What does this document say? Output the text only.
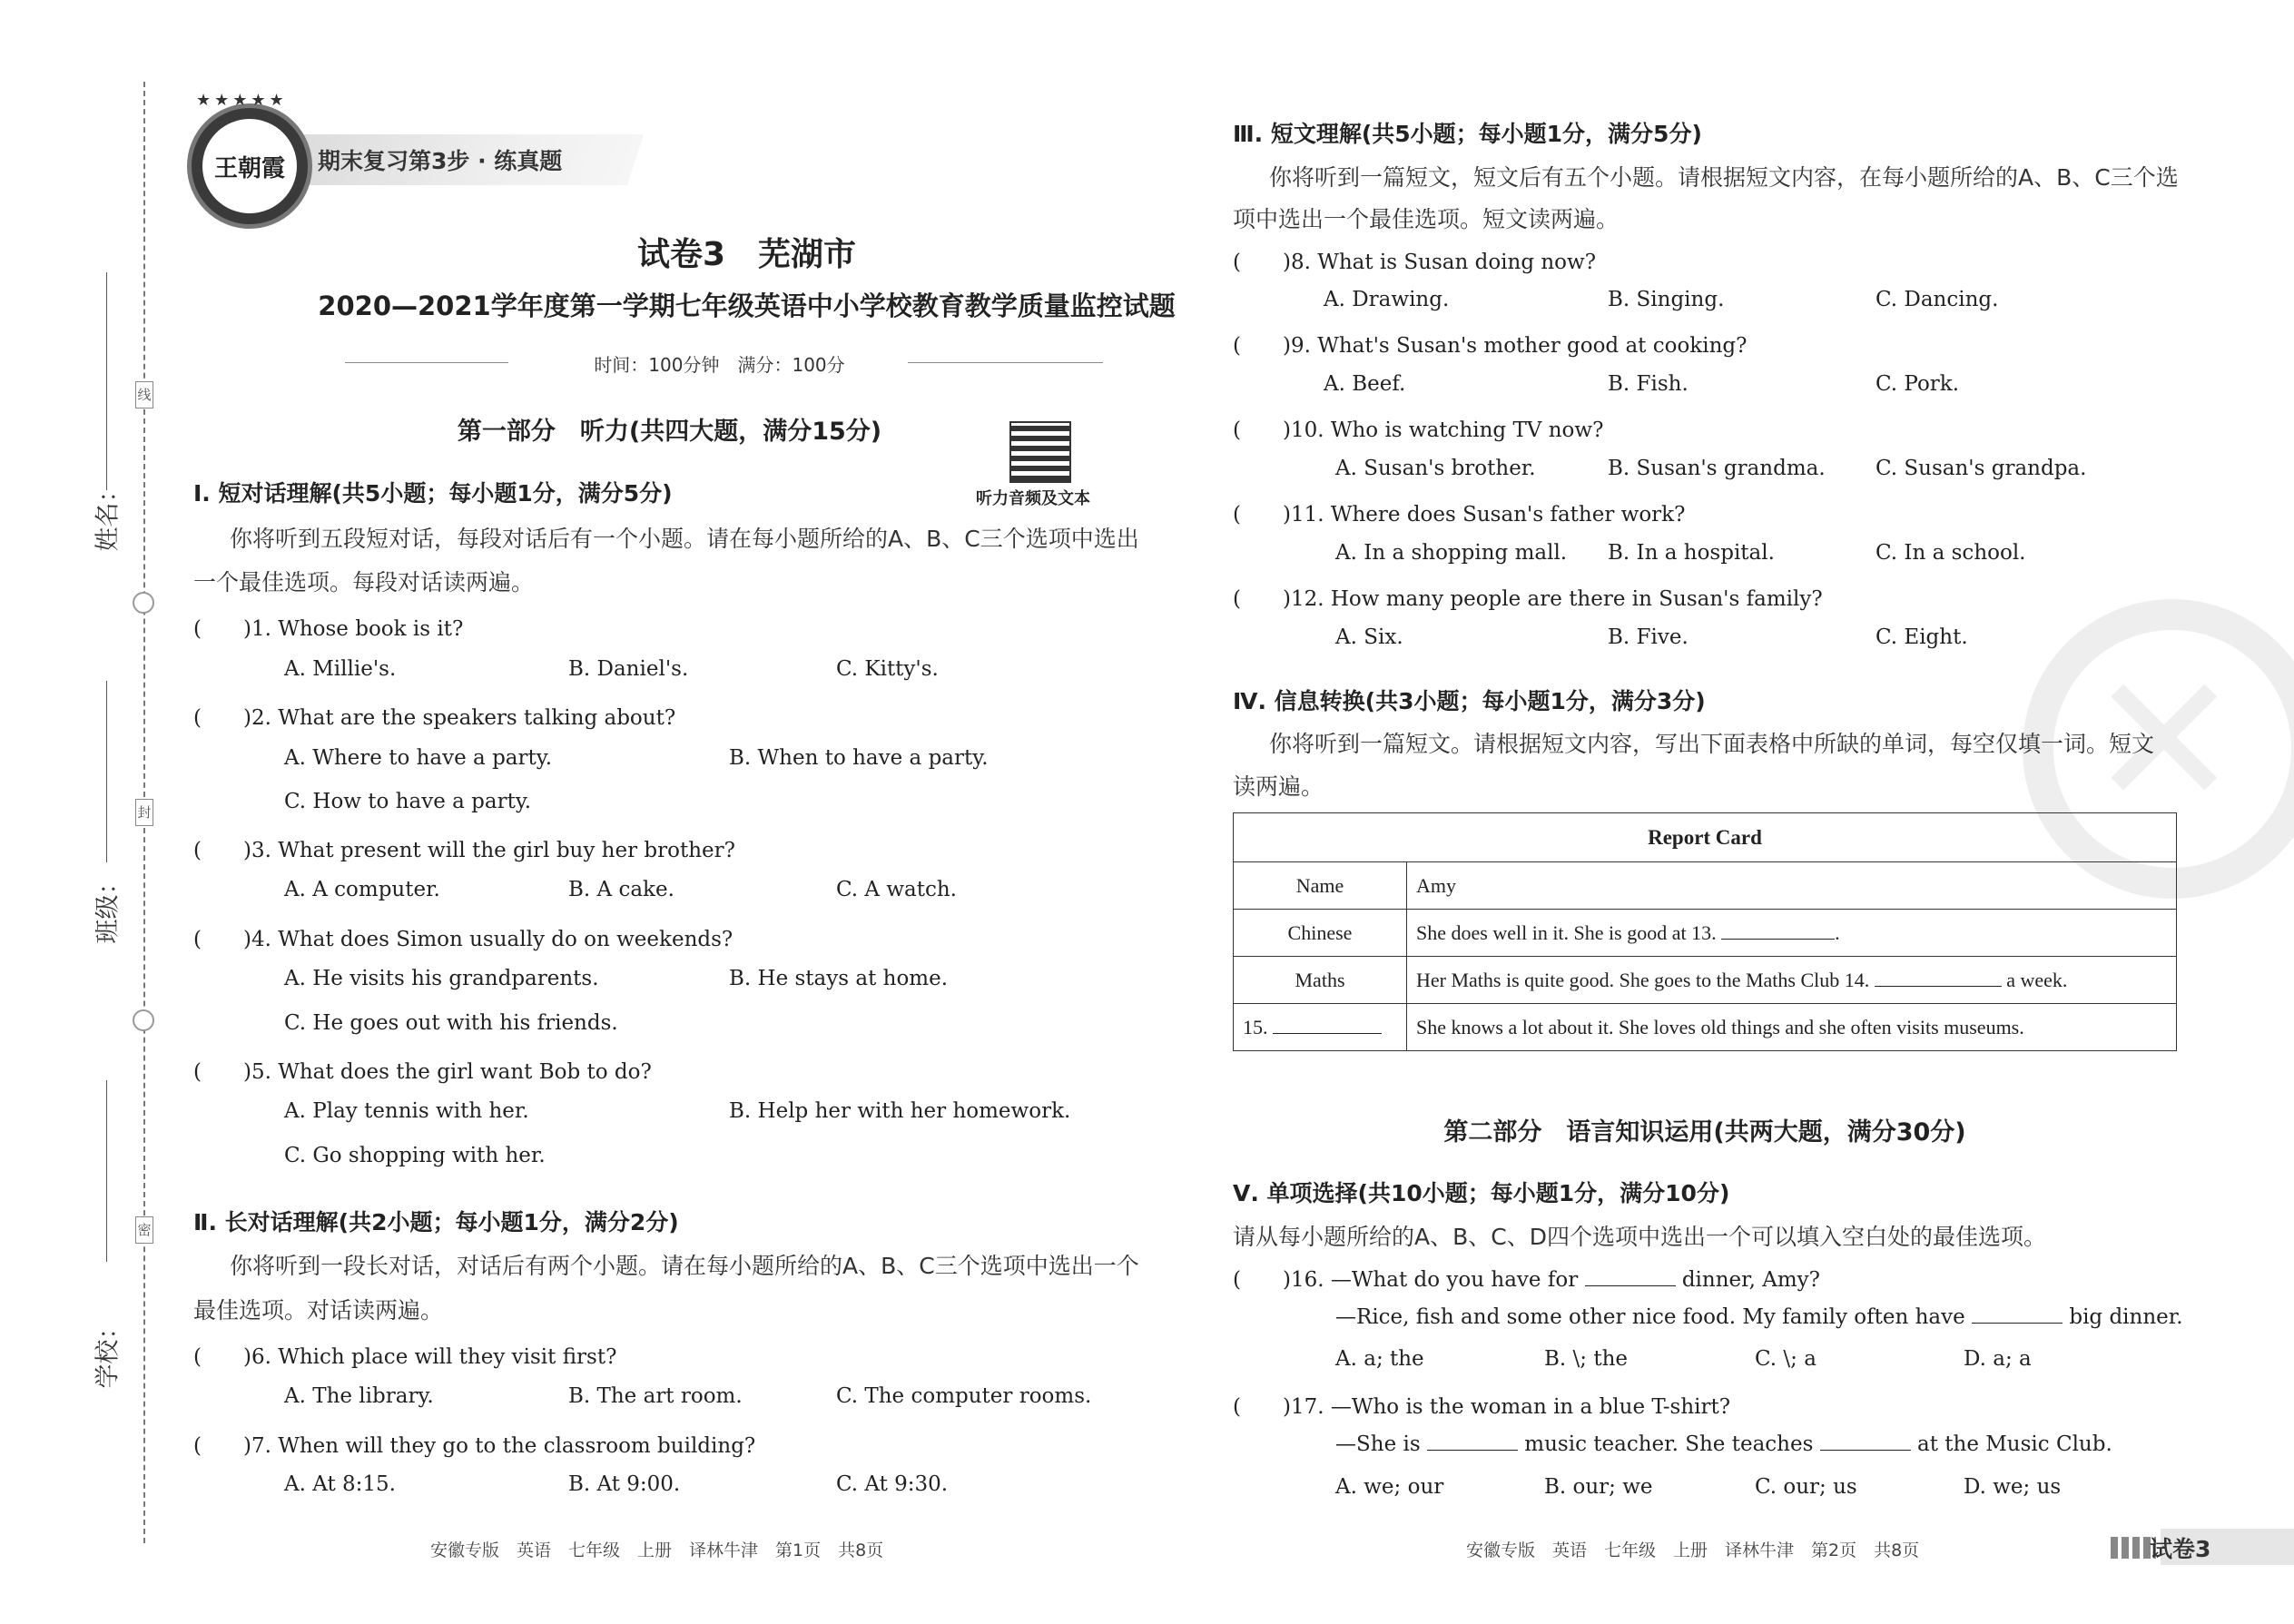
线
封
密
姓名：
班级：
学校：
期末复习第3步 · 练真题
王朝霞
★★★★★
试卷3　芜湖市
2020—2021学年度第一学期七年级英语中小学校教育教学质量监控试题
时间：100分钟　满分：100分
第一部分　听力(共四大题，满分15分)
听力音频及文本
Ⅰ. 短对话理解(共5小题；每小题1分，满分5分)
你将听到五段短对话，每段对话后有一个小题。请在每小题所给的A、B、C三个选项中选出
一个最佳选项。每段对话读两遍。
(　　)1. Whose book is it?
A. Millie's.	B. Daniel's.	C. Kitty's.
(　　)2. What are the speakers talking about?
A. Where to have a party.	B. When to have a party.
C. How to have a party.
(　　)3. What present will the girl buy her brother?
A. A computer.	B. A cake.	C. A watch.
(　　)4. What does Simon usually do on weekends?
A. He visits his grandparents.	B. He stays at home.
C. He goes out with his friends.
(　　)5. What does the girl want Bob to do?
A. Play tennis with her.	B. Help her with her homework.
C. Go shopping with her.
Ⅱ. 长对话理解(共2小题；每小题1分，满分2分)
你将听到一段长对话，对话后有两个小题。请在每小题所给的A、B、C三个选项中选出一个
最佳选项。对话读两遍。
(　　)6. Which place will they visit first?
A. The library.	B. The art room.	C. The computer rooms.
(　　)7. When will they go to the classroom building?
A. At 8:15.	B. At 9:00.	C. At 9:30.
安徽专版　英语　七年级　上册　译林牛津　第1页　共8页
✕
Ⅲ. 短文理解(共5小题；每小题1分，满分5分)
你将听到一篇短文，短文后有五个小题。请根据短文内容，在每小题所给的A、B、C三个选
项中选出一个最佳选项。短文读两遍。
(　　)8. What is Susan doing now?
A. Drawing.	B. Singing.	C. Dancing.
(　　)9. What's Susan's mother good at cooking?
A. Beef.	B. Fish.	C. Pork.
(　　)10. Who is watching TV now?
A. Susan's brother.	B. Susan's grandma. C. Susan's grandpa.
(　　)11. Where does Susan's father work?
A. In a shopping mall. B. In a hospital.	C. In a school.
(　　)12. How many people are there in Susan's family?
A. Six.	B. Five.	C. Eight.
Ⅳ. 信息转换(共3小题；每小题1分，满分3分)
你将听到一篇短文。请根据短文内容，写出下面表格中所缺的单词，每空仅填一词。短文
读两遍。
Report Card	
Name	Amy
Chinese	She does well in it. She is good at 13. .
Maths	Her Maths is quite good. She goes to the Maths Club 14. a week.
15.	She knows a lot about it. She loves old things and she often visits museums.
第二部分　语言知识运用(共两大题，满分30分)
Ⅴ. 单项选择(共10小题；每小题1分，满分10分)
请从每小题所给的A、B、C、D四个选项中选出一个可以填入空白处的最佳选项。
(　　)16. —What do you have for	dinner, Amy?
—Rice, fish and some other nice food. My family often have	big dinner.
A. a; the	B. \; the	C. \; a	D. a; a
(　　)17. —Who is the woman in a blue T-shirt?
—She is	music teacher. She teaches	at the Music Club.
A. we; our	B. our; we	C. our; us	D. we; us
安徽专版　英语　七年级　上册　译林牛津　第2页　共8页	试卷3
